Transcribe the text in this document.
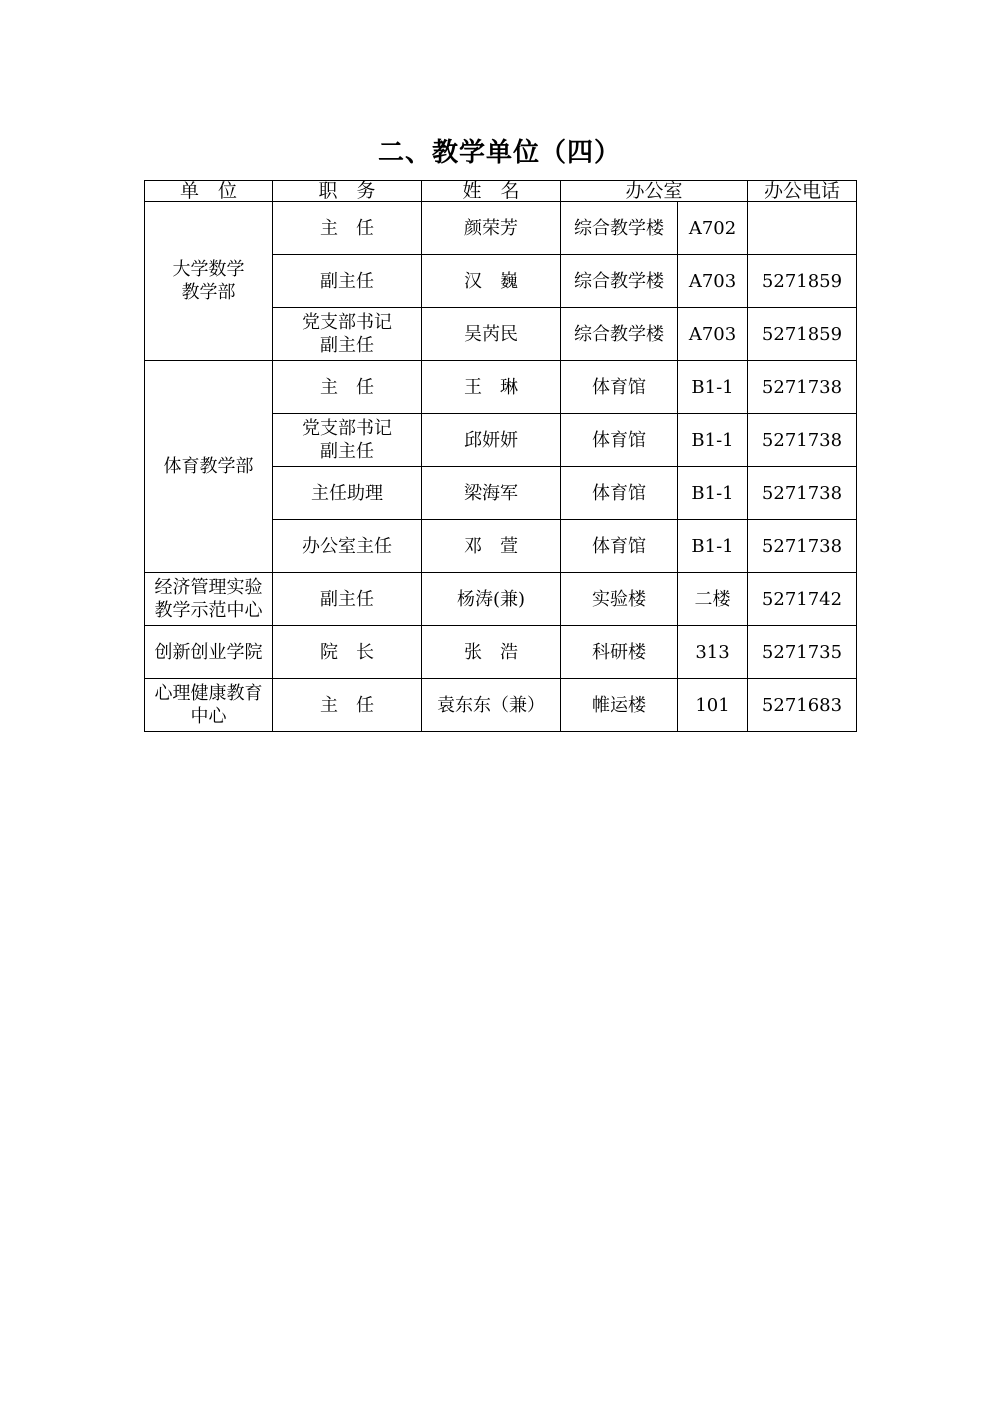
二、教学单位（四）
单　位	职　务	姓　名	办公室		办公电话
大学数学
教学部	主　任	颜荣芳	综合教学楼	A702	
	副主任	汉　巍	综合教学楼	A703	5271859
	党支部书记
副主任	吴芮民	综合教学楼	A703	5271859
体育教学部	主　任	王　琳	体育馆	B1-1	5271738
	党支部书记
副主任	邱妍妍	体育馆	B1-1	5271738
	主任助理	梁海军	体育馆	B1-1	5271738
	办公室主任	邓　萱	体育馆	B1-1	5271738
经济管理实验
教学示范中心	副主任	杨涛(兼)	实验楼	二楼	5271742
创新创业学院	院　长	张　浩	科研楼	313	5271735
心理健康教育
中心	主　任	袁东东（兼）	帷运楼	101	5271683
